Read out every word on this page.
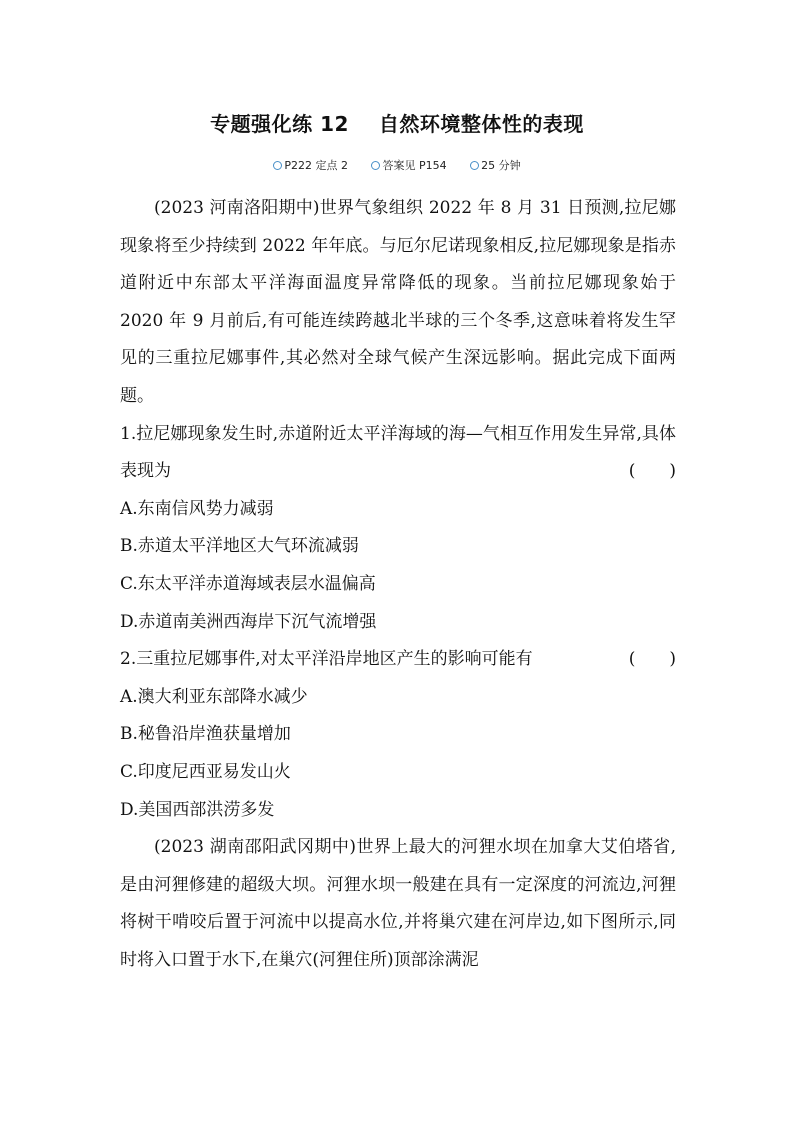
专题强化练 12    自然环境整体性的表现
P222 定点 2	答案见 P154	25 分钟

(2023 河南洛阳期中)世界气象组织 2022 年 8 月 31 日预测,拉尼娜现象将至少持续到 2022 年年底。与厄尔尼诺现象相反,拉尼娜现象是指赤道附近中东部太平洋海面温度异常降低的现象。当前拉尼娜现象始于 2020 年 9 月前后,有可能连续跨越北半球的三个冬季,这意味着将发生罕见的三重拉尼娜事件,其必然对全球气候产生深远影响。据此完成下面两题。

1.拉尼娜现象发生时,赤道附近太平洋海域的海—气相互作用发生异常,具体表现为	(　　)

A.东南信风势力减弱

B.赤道太平洋地区大气环流减弱

C.东太平洋赤道海域表层水温偏高

D.赤道南美洲西海岸下沉气流增强

2.三重拉尼娜事件,对太平洋沿岸地区产生的影响可能有	(　　)

A.澳大利亚东部降水减少

B.秘鲁沿岸渔获量增加

C.印度尼西亚易发山火

D.美国西部洪涝多发

(2023 湖南邵阳武冈期中)世界上最大的河狸水坝在加拿大艾伯塔省,是由河狸修建的超级大坝。河狸水坝一般建在具有一定深度的河流边,河狸将树干啃咬后置于河流中以提高水位,并将巢穴建在河岸边,如下图所示,同时将入口置于水下,在巢穴(河狸住所)顶部涂满泥
